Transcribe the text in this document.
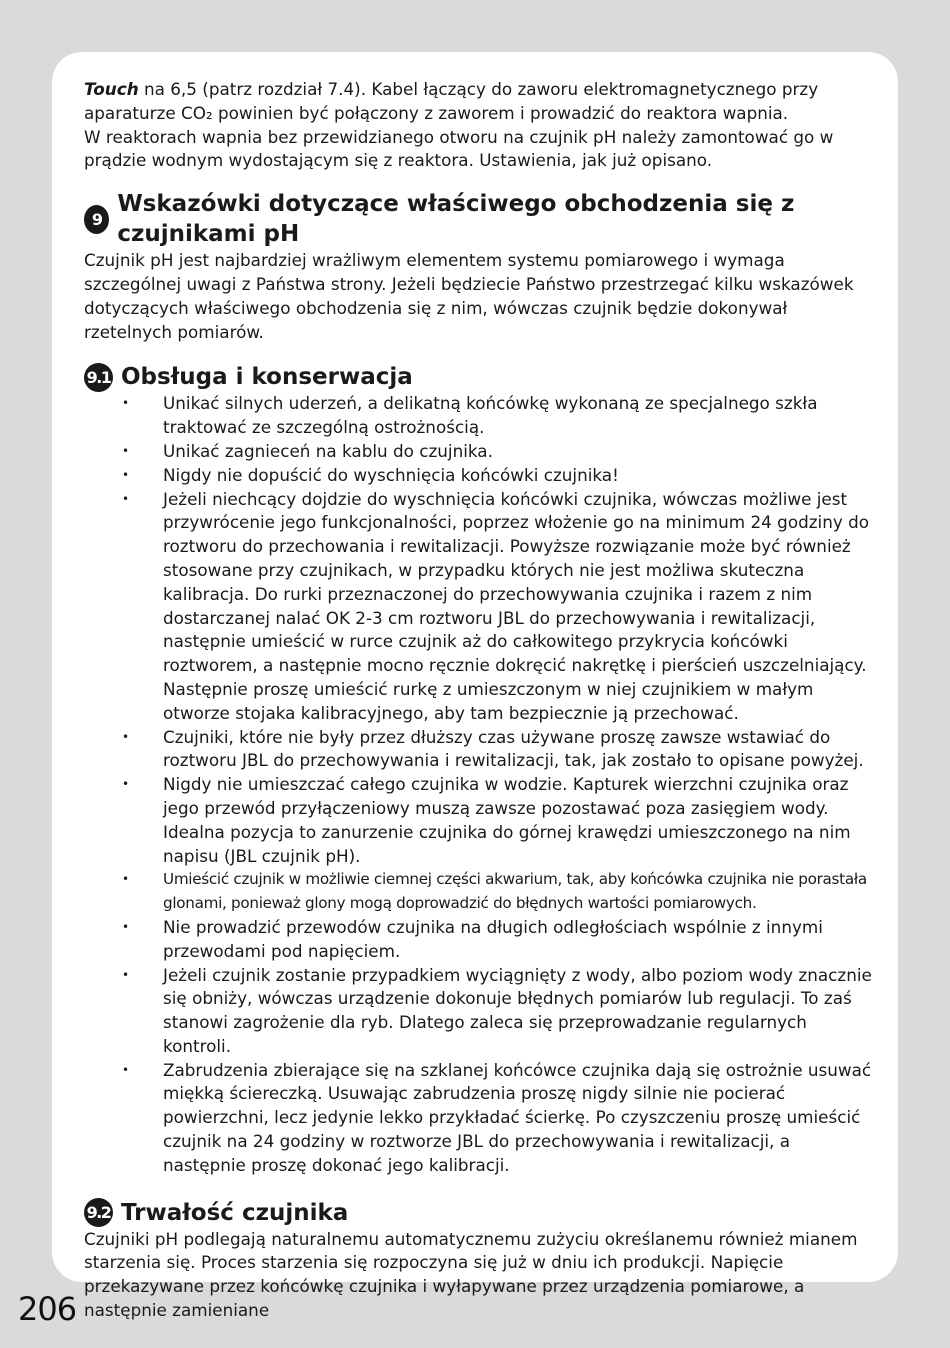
Touch na 6,5 (patrz rozdział 7.4). Kabel łączący do zaworu elektromagnetycznego przy aparaturze CO₂ powinien być połączony z zaworem i prowadzić do reaktora wapnia.
W reaktorach wapnia bez przewidzianego otworu na czujnik pH należy zamontować go w prądzie wodnym wydostającym się z reaktora. Ustawienia, jak już opisano.

9
Wskazówki dotyczące właściwego obchodzenia się z czujnikami pH

Czujnik pH jest najbardziej wrażliwym elementem systemu pomiarowego i wymaga szczególnej uwagi z Państwa strony. Jeżeli będziecie Państwo przestrzegać kilku wskazówek dotyczących właściwego obchodzenia się z nim, wówczas czujnik będzie dokonywał rzetelnych pomiarów.

9.1 Obsługa i konserwacja
• Unikać silnych uderzeń, a delikatną końcówkę wykonaną ze specjalnego szkła traktować ze szczególną ostrożnością.
• Unikać zagnieceń na kablu do czujnika.
• Nigdy nie dopuścić do wyschnięcia końcówki czujnika!
• Jeżeli niechcący dojdzie do wyschnięcia końcówki czujnika, wówczas możliwe jest przywrócenie jego funkcjonalności, poprzez włożenie go na minimum 24 godziny do roztworu do przechowania i rewitalizacji. Powyższe rozwiązanie może być również stosowane przy czujnikach, w przypadku których nie jest możliwa skuteczna kalibracja. Do rurki przeznaczonej do przechowywania czujnika i razem z nim dostarczanej nalać OK 2-3 cm roztworu JBL do przechowywania i rewitalizacji, następnie umieścić w rurce czujnik aż do całkowitego przykrycia końcówki roztworem, a następnie mocno ręcznie dokręcić nakrętkę i pierścień uszczelniający. Następnie proszę umieścić rurkę z umieszczonym w niej czujnikiem w małym otworze stojaka kalibracyjnego, aby tam bezpiecznie ją przechować.
• Czujniki, które nie były przez dłuższy czas używane proszę zawsze wstawiać do roztworu JBL do przechowywania i rewitalizacji, tak, jak zostało to opisane powyżej.
• Nigdy nie umieszczać całego czujnika w wodzie. Kapturek wierzchni czujnika oraz jego przewód przyłączeniowy muszą zawsze pozostawać poza zasięgiem wody. Idealna pozycja to zanurzenie czujnika do górnej krawędzi umieszczonego na nim napisu (JBL czujnik pH).
• Umieścić czujnik w możliwie ciemnej części akwarium, tak, aby końcówka czujnika nie porastała glonami, ponieważ glony mogą doprowadzić do błędnych wartości pomiarowych.
• Nie prowadzić przewodów czujnika na długich odległościach wspólnie z innymi przewodami pod napięciem.
• Jeżeli czujnik zostanie przypadkiem wyciągnięty z wody, albo poziom wody znacznie się obniży, wówczas urządzenie dokonuje błędnych pomiarów lub regulacji. To zaś stanowi zagrożenie dla ryb. Dlatego zaleca się przeprowadzanie regularnych kontroli.
• Zabrudzenia zbierające się na szklanej końcówce czujnika dają się ostrożnie usuwać miękką ściereczką. Usuwając zabrudzenia proszę nigdy silnie nie pocierać powierzchni, lecz jedynie lekko przykładać ścierkę. Po czyszczeniu proszę umieścić czujnik na 24 godziny w roztworze JBL do przechowywania i rewitalizacji, a następnie proszę dokonać jego kalibracji.
9.2 Trwałość czujnika

Czujniki pH podlegają naturalnemu automatycznemu zużyciu określanemu również mianem starzenia się. Proces starzenia się rozpoczyna się już w dniu ich produkcji. Napięcie przekazywane przez końcówkę czujnika i wyłapywane przez urządzenia pomiarowe, a następnie zamieniane

206
